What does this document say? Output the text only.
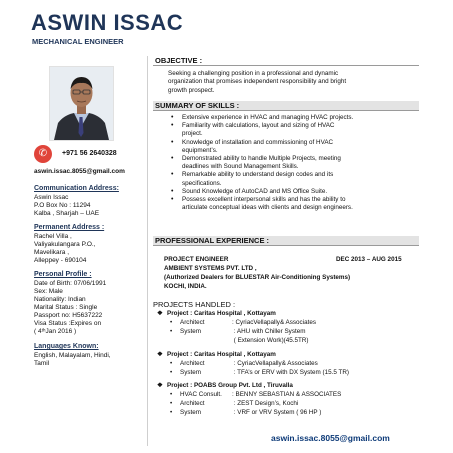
ASWIN ISSAC
MECHANICAL ENGINEER
✆	+971 56 2640328
aswin.issac.8055@gmail.com
Communication Address:
Aswin Issac
P.O Box No : 11294
Kalba , Sharjah – UAE
Permanent Address :
Rachel Villa ,
Valiyakulangara P.O.,
Mavelikara ,
Alleppey - 690104
Personal Profile :
Date of Birth: 07/06/1991
Sex: Male
Nationality: Indian
Marital Status : Single
Passport no: H5637222
Visa Status :Expires on
( 4ᵗʰJan 2016 )
Languages Known:
English, Malayalam, Hindi,
Tamil
OBJECTIVE :
Seeking a challenging position in a professional and dynamic
organization that promises independent responsibility and bright
growth prospect.
SUMMARY OF SKILLS :
• Extensive experience in HVAC and managing HVAC projects.
• Familiarity with calculations, layout and sizing of HVAC
project.
• Knowledge of installation and commissioning of HVAC
equipment’s.
• Demonstrated ability to handle Multiple Projects, meeting
deadlines with Sound Management Skills.
• Remarkable ability to understand design codes and its
specifications.
• Sound Knowledge of AutoCAD and MS Office Suite.
• Possess excellent interpersonal skills and has the ability to
articulate conceptual ideas with clients and design engineers.
PROFESSIONAL EXPERIENCE :
PROJECT ENGINEER	DEC 2013 – AUG 2015
AMBIENT SYSTEMS PVT. LTD ,
(Authorized Dealers for BLUESTAR Air-Conditioning Systems)
KOCHI, INDIA.
PROJECTS HANDLED :
❖ Project : Caritas Hospital , Kottayam
• Architect	: CyriacVellapally& Associates
• System	: AHU with Chiller System
( Extension Work)(45.5TR)
❖ Project : Caritas Hospital , Kottayam
• Architect	: CyriacVellapally& Associates
• System	: TFA’s or ERV with DX System (15.5 TR)
❖ Project : POABS Group Pvt. Ltd , Tiruvalla
• HVAC Consult. : BENNY SEBASTIAN & ASSOCIATES
• Architect	: ZEST Design’s, Kochi
• System	: VRF or VRV System ( 96 HP )
aswin.issac.8055@gmail.com
